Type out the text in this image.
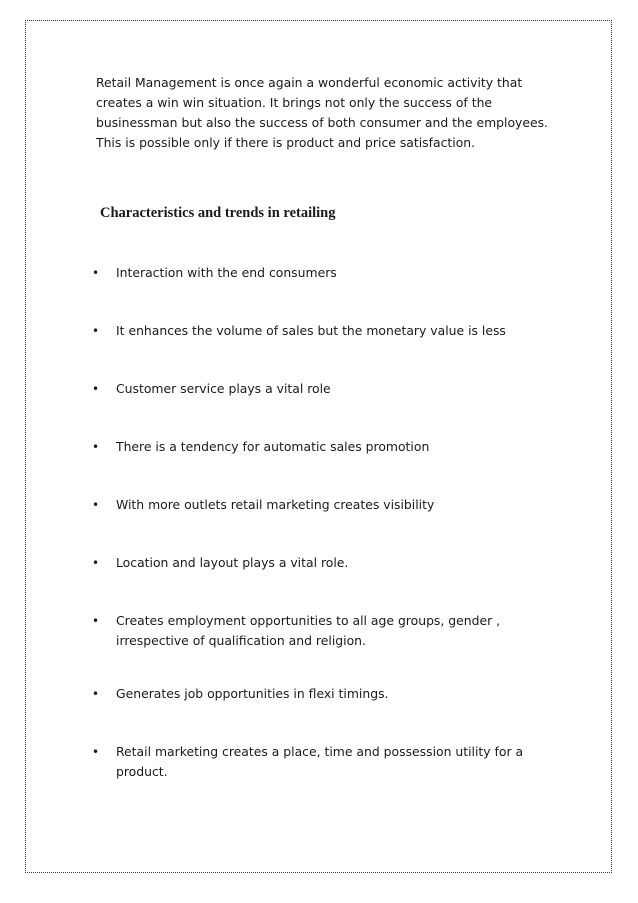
Retail Management is once again a wonderful economic activity that creates a win win situation. It brings not only the success of the businessman but also the success of both consumer and the employees. This is possible only if there is product and price satisfaction.

Characteristics and trends in retailing
• Interaction with the end consumers
• It enhances the volume of sales but the monetary value is less
• Customer service plays a vital role
• There is a tendency for automatic sales promotion
• With more outlets retail marketing creates visibility
• Location and layout plays a vital role.
• Creates employment opportunities to all age groups, gender , irrespective of qualification and religion.
• Generates job opportunities in flexi timings.
• Retail marketing creates a place, time and possession utility for a product.
